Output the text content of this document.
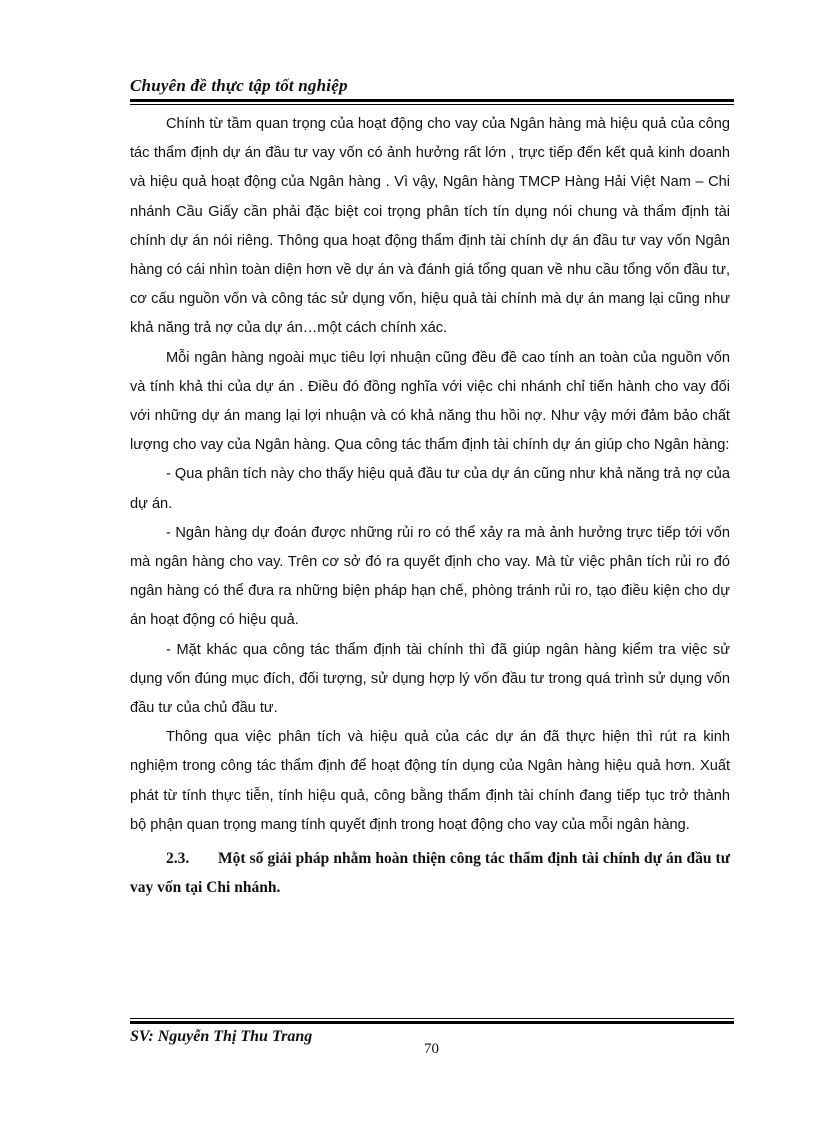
Chuyên đề thực tập tốt nghiệp

Chính từ tầm quan trọng của hoạt động cho vay của Ngân hàng mà hiệu quả của công tác thẩm định dự án đầu tư vay vốn có ảnh hưởng rất lớn , trực tiếp đến kết quả kinh doanh và hiệu quả hoạt động của Ngân hàng . Vì vậy, Ngân hàng TMCP Hàng Hải Việt Nam – Chi nhánh Cầu Giấy cần phải đặc biệt coi trọng phân tích tín dụng nói chung và thẩm định tài chính dự án nói riêng. Thông qua hoạt động thẩm định tài chính dự án đầu tư vay vốn Ngân hàng có cái nhìn toàn diện hơn về dự án và đánh giá tổng quan về nhu cầu tổng vốn đầu tư, cơ cấu nguồn vốn và công tác sử dụng vốn, hiệu quả tài chính mà dự án mang lại cũng như khả năng trả nợ của dự án…một cách chính xác.

Mỗi ngân hàng ngoài mục tiêu lợi nhuận cũng đều đề cao tính an toàn của nguồn vốn và tính khả thi của dự án . Điều đó đồng nghĩa với việc chi nhánh chỉ tiến hành cho vay đối với những dự án mang lại lợi nhuận và có khả năng thu hồi nợ. Như vậy mới đảm bảo chất lượng cho vay của Ngân hàng. Qua công tác thẩm định tài chính dự án giúp cho Ngân hàng:

- Qua phân tích này cho thấy hiệu quả đầu tư của dự án cũng như khả năng trả nợ của dự án.

- Ngân hàng dự đoán được những rủi ro có thể xảy ra mà ảnh hưởng trực tiếp tới vốn mà ngân hàng cho vay. Trên cơ sở đó ra quyết định cho vay. Mà từ việc phân tích rủi ro đó ngân hàng có thể đưa ra những biện pháp hạn chế, phòng tránh rủi ro, tạo điều kiện cho dự án hoạt động có hiệu quả.

- Mặt khác qua công tác thẩm định tài chính thì đã giúp ngân hàng kiểm tra việc sử dụng vốn đúng mục đích, đối tượng, sử dụng hợp lý vốn đầu tư trong quá trình sử dụng vốn đầu tư của chủ đầu tư.

Thông qua việc phân tích và hiệu quả của các dự án đã thực hiện thì rút ra kinh nghiệm trong công tác thẩm định để hoạt động tín dụng của Ngân hàng hiệu quả hơn. Xuất phát từ tính thực tiễn, tính hiệu quả, công bằng thẩm định tài chính đang tiếp tục trở thành bộ phận quan trọng mang tính quyết định trong hoạt động cho vay của mỗi ngân hàng.

2.3. Một số giải pháp nhằm hoàn thiện công tác thẩm định tài chính dự án đầu tư vay vốn tại Chi nhánh.

SV: Nguyễn Thị Thu Trang
70
